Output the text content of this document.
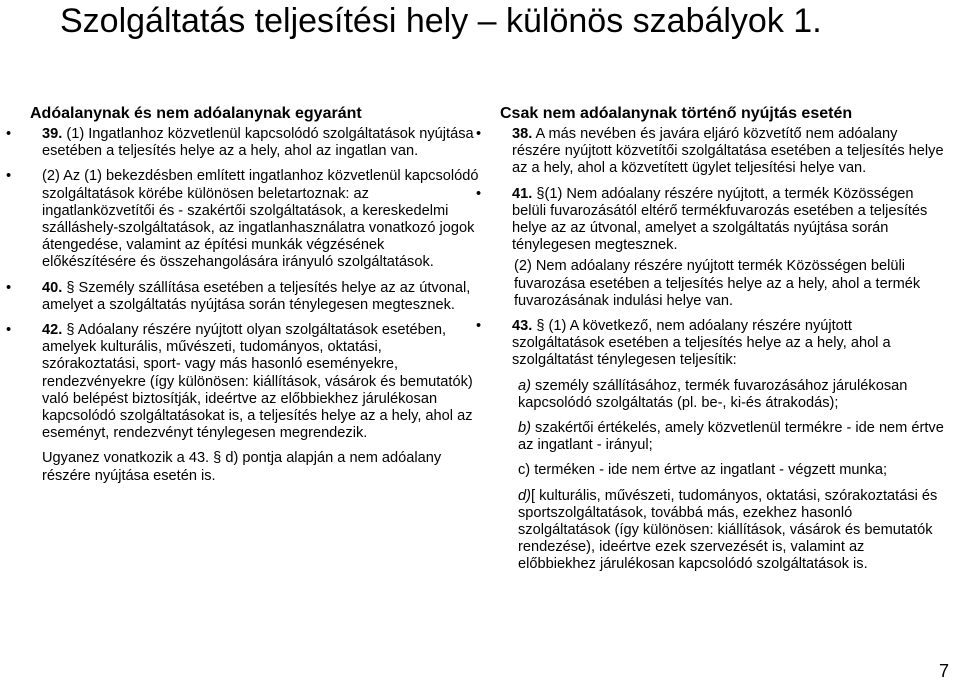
Szolgáltatás teljesítési hely – különös szabályok 1.
Adóalanynak és nem adóalanynak egyaránt
• 39. (1) Ingatlanhoz közvetlenül kapcsolódó szolgáltatások nyújtása esetében a teljesítés helye az a hely, ahol az ingatlan van.
• (2) Az (1) bekezdésben említett ingatlanhoz közvetlenül kapcsolódó szolgáltatások körébe különösen beletartoznak: az ingatlanközvetítői és - szakértői szolgáltatások, a kereskedelmi szálláshely-szolgáltatások, az ingatlanhasználatra vonatkozó jogok átengedése, valamint az építési munkák végzésének előkészítésére és összehangolására irányuló szolgáltatások.
• 40. § Személy szállítása esetében a teljesítés helye az az útvonal, amelyet a szolgáltatás nyújtása során ténylegesen megtesznek.
• 42. § Adóalany részére nyújtott olyan szolgáltatások esetében, amelyek kulturális, művészeti, tudományos, oktatási, szórakoztatási, sport- vagy más hasonló eseményekre, rendezvényekre (így különösen: kiállítások, vásárok és bemutatók) való belépést biztosítják, ideértve az előbbiekhez járulékosan kapcsolódó szolgáltatásokat is, a teljesítés helye az a hely, ahol az eseményt, rendezvényt ténylegesen megrendezik.
Ugyanez vonatkozik a 43. § d) pontja alapján a nem adóalany részére nyújtása esetén is.
Csak nem adóalanynak történő nyújtás esetén
• 38. A más nevében és javára eljáró közvetítő nem adóalany részére nyújtott közvetítői szolgáltatása esetében a teljesítés helye az a hely, ahol a közvetített ügylet teljesítési helye van.
• 41. §(1) Nem adóalany részére nyújtott, a termék Közösségen belüli fuvarozásától eltérő termékfuvarozás esetében a teljesítés helye az az útvonal, amelyet a szolgáltatás nyújtása során ténylegesen megtesznek.
(2) Nem adóalany részére nyújtott termék Közösségen belüli fuvarozása esetében a teljesítés helye az a hely, ahol a termék fuvarozásának indulási helye van.
• 43. § (1) A következő, nem adóalany részére nyújtott szolgáltatások esetében a teljesítés helye az a hely, ahol a szolgáltatást ténylegesen teljesítik:
a) személy szállításához, termék fuvarozásához járulékosan kapcsolódó szolgáltatás (pl. be-, ki-és átrakodás);
b) szakértői értékelés, amely közvetlenül termékre - ide nem értve az ingatlant - irányul;
c) terméken - ide nem értve az ingatlant - végzett munka;
d)[ kulturális, művészeti, tudományos, oktatási, szórakoztatási és sportszolgáltatások, továbbá más, ezekhez hasonló szolgáltatások (így különösen: kiállítások, vásárok és bemutatók rendezése), ideértve ezek szervezését is, valamint az előbbiekhez járulékosan kapcsolódó szolgáltatások is.
7
